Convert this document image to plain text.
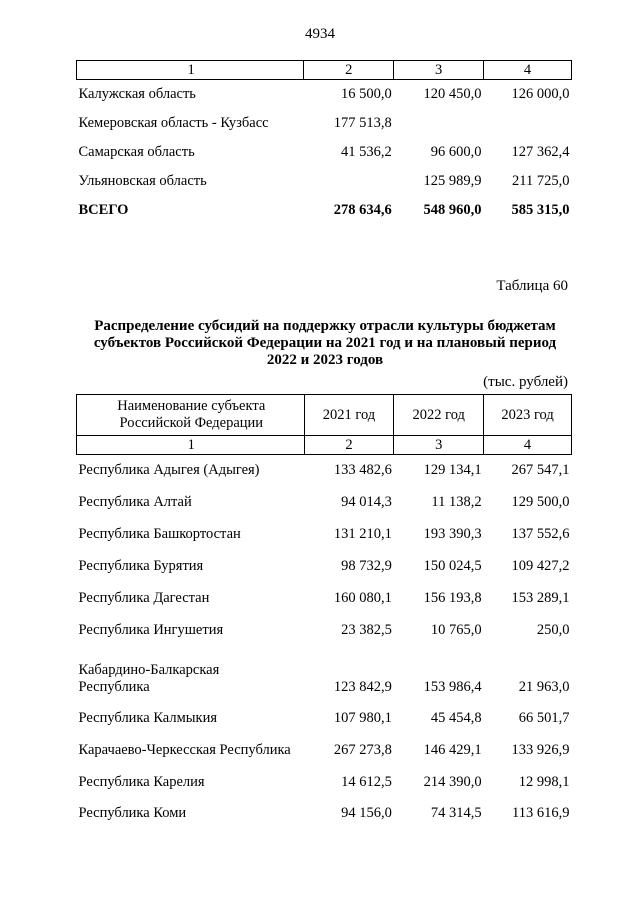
4934
1	2	3	4
Калужская область	16 500,0	120 450,0	126 000,0
Кемеровская область - Кузбасс	177 513,8		
Самарская область	41 536,2	96 600,0	127 362,4
Ульяновская область		125 989,9	211 725,0
ВСЕГО	278 634,6	548 960,0	585 315,0
Таблица 60
Распределение субсидий на поддержку отрасли культуры бюджетам
субъектов Российской Федерации на 2021 год и на плановый период
2022 и 2023 годов
(тыс. рублей)
Наименование субъекта
Российской Федерации	2021 год	2022 год	2023 год
1	2	3	4
Республика Адыгея (Адыгея)	133 482,6	129 134,1	267 547,1
Республика Алтай	94 014,3	11 138,2	129 500,0
Республика Башкортостан	131 210,1	193 390,3	137 552,6
Республика Бурятия	98 732,9	150 024,5	109 427,2
Республика Дагестан	160 080,1	156 193,8	153 289,1
Республика Ингушетия	23 382,5	10 765,0	250,0

Кабардино-Балкарская
Республика	123 842,9	153 986,4	21 963,0
Республика Калмыкия	107 980,1	45 454,8	66 501,7
Карачаево-Черкесская Республика	267 273,8	146 429,1	133 926,9
Республика Карелия	14 612,5	214 390,0	12 998,1
Республика Коми	94 156,0	74 314,5	113 616,9
